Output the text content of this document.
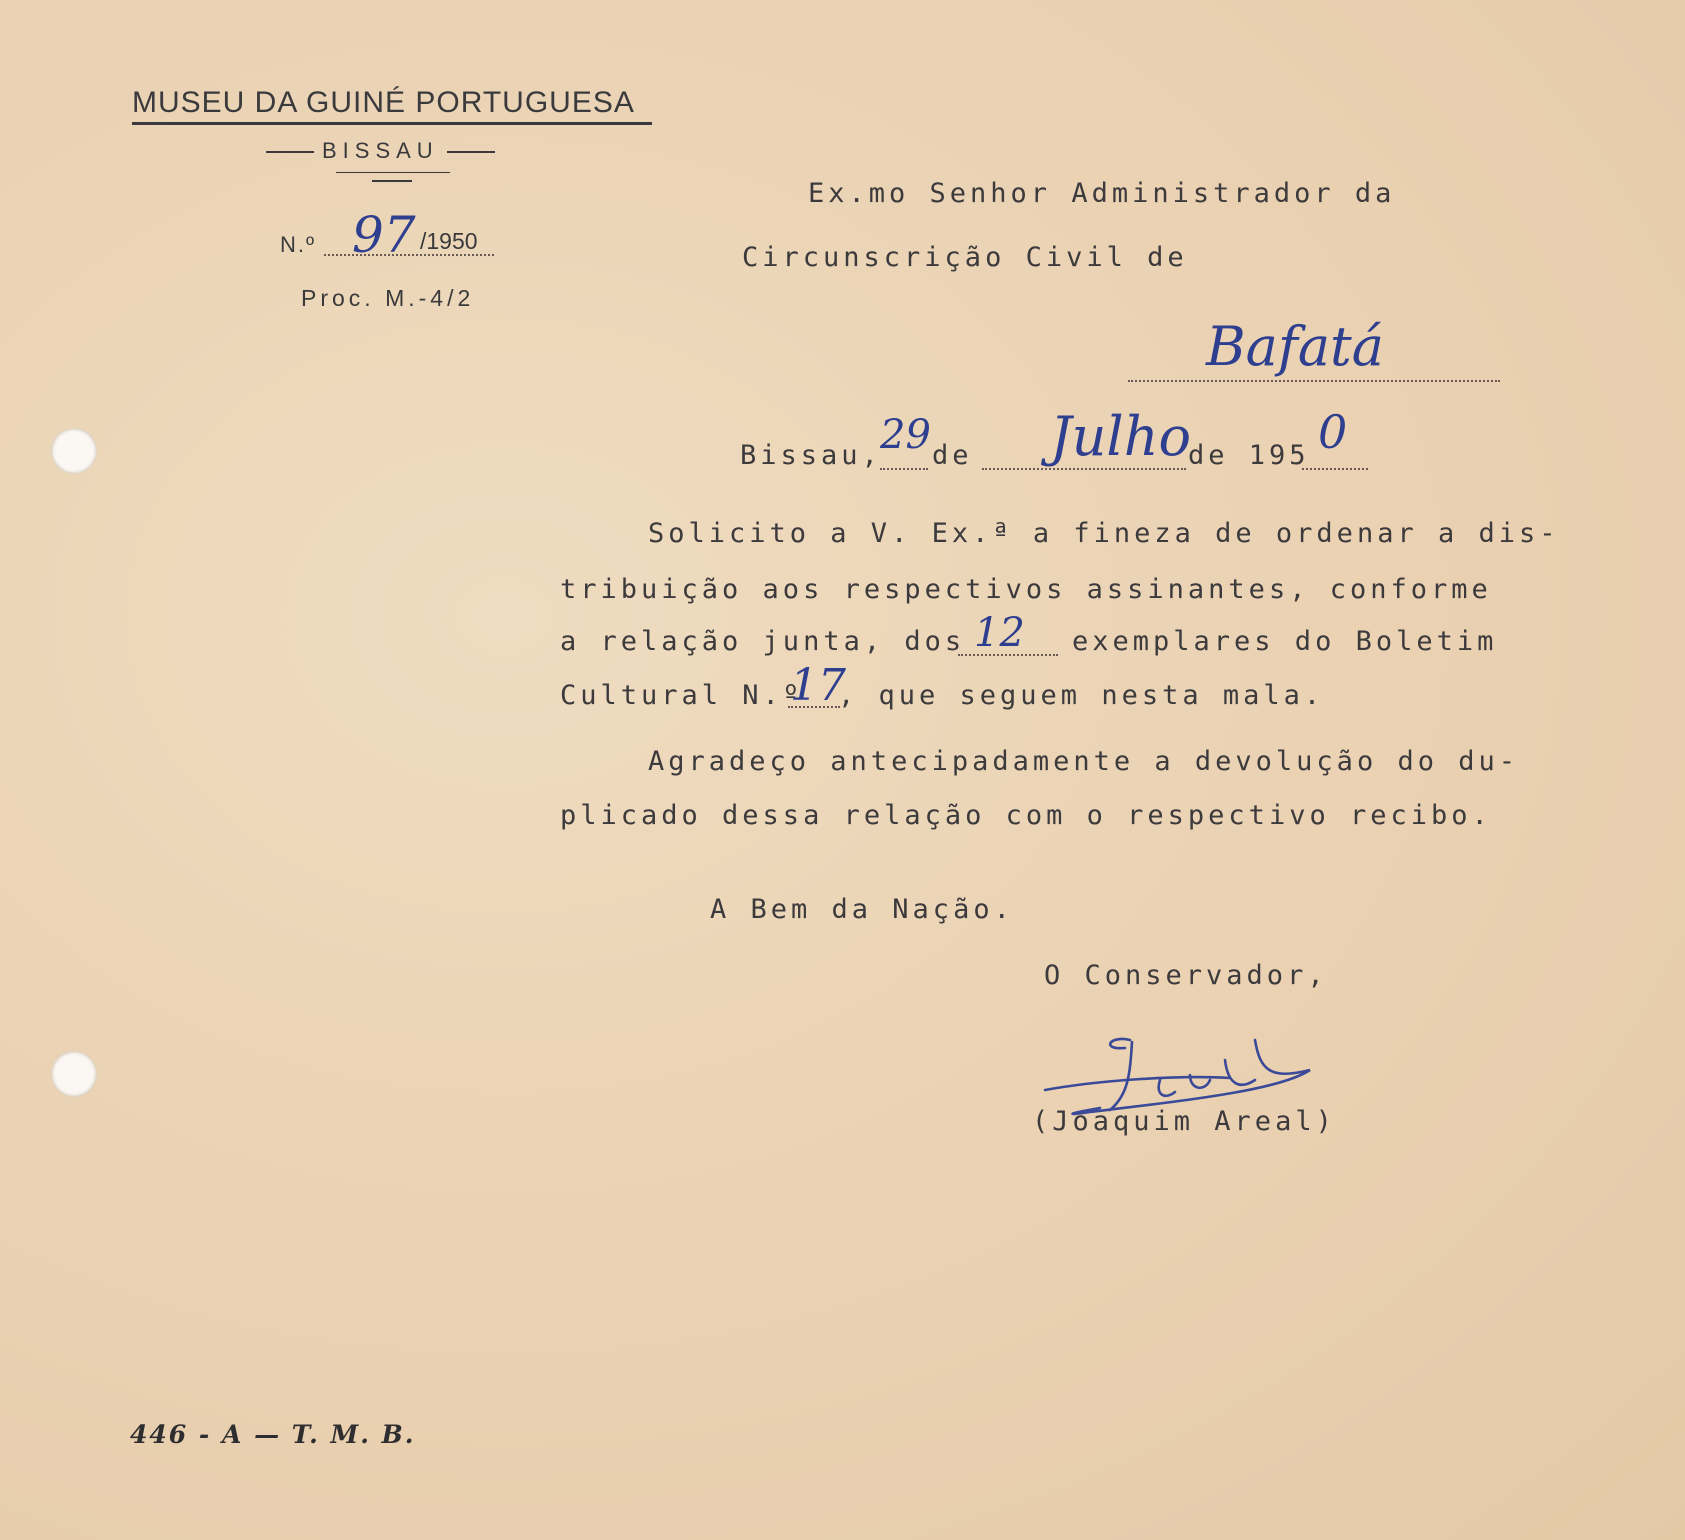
MUSEU DA GUINÉ PORTUGUESA
BISSAU
N.º 97 /1950
Proc. M.-4/2
Ex.mo Senhor Administrador da
Circunscrição Civil de
Bafatá
Bissau,
29 de Julho
de 195 0
Solicito a V. Ex.ª a fineza de ordenar a dis-
tribuição aos respectivos assinantes, conforme
a relação junta, dos 12 exemplares do Boletim
Cultural N.º
17
, que seguem nesta mala.
Agradeço antecipadamente a devolução do du-
plicado dessa relação com o respectivo recibo.
A Bem da Nação.
O Conservador,
(Joaquim Areal)
446 - A — T. M. B.
